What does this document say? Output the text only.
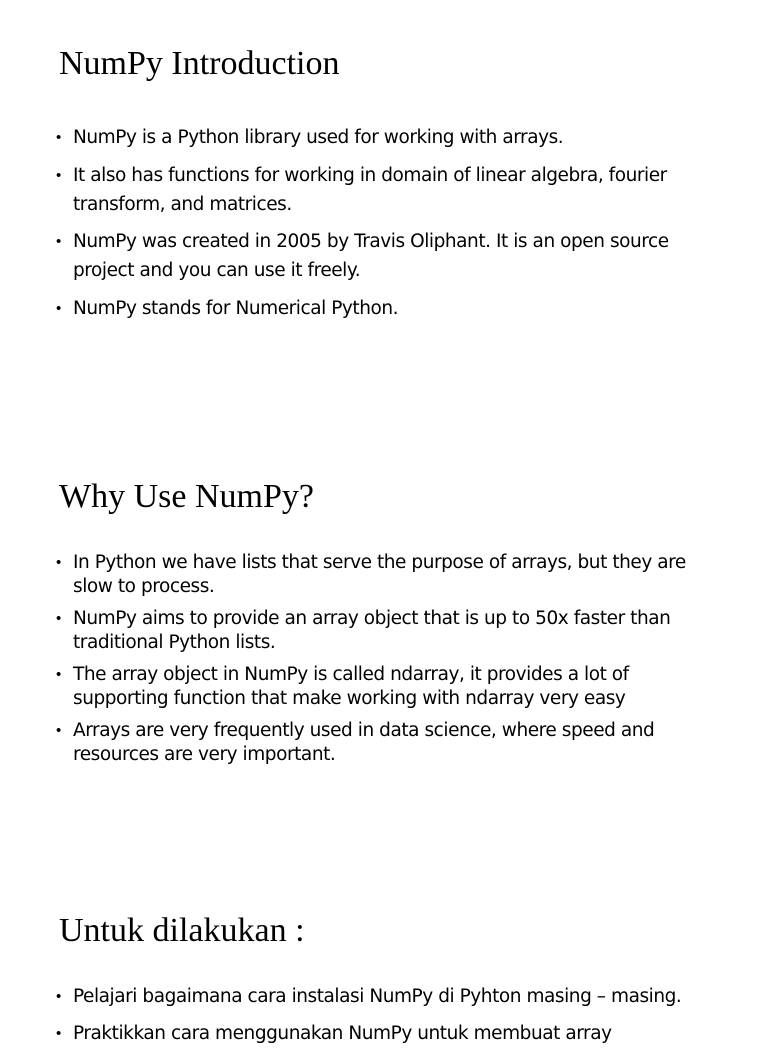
NumPy Introduction
• NumPy is a Python library used for working with arrays.
• It also has functions for working in domain of linear algebra, fourier transform, and matrices.
• NumPy was created in 2005 by Travis Oliphant. It is an open source project and you can use it freely.
• NumPy stands for Numerical Python.
Why Use NumPy?
• In Python we have lists that serve the purpose of arrays, but they are slow to process.
• NumPy aims to provide an array object that is up to 50x faster than traditional Python lists.
• The array object in NumPy is called ndarray, it provides a lot of supporting function that make working with ndarray very easy
• Arrays are very frequently used in data science, where speed and resources are very important.
Untuk dilakukan :
• Pelajari bagaimana cara instalasi NumPy di Pyhton masing – masing.
• Praktikkan cara menggunakan NumPy untuk membuat array
